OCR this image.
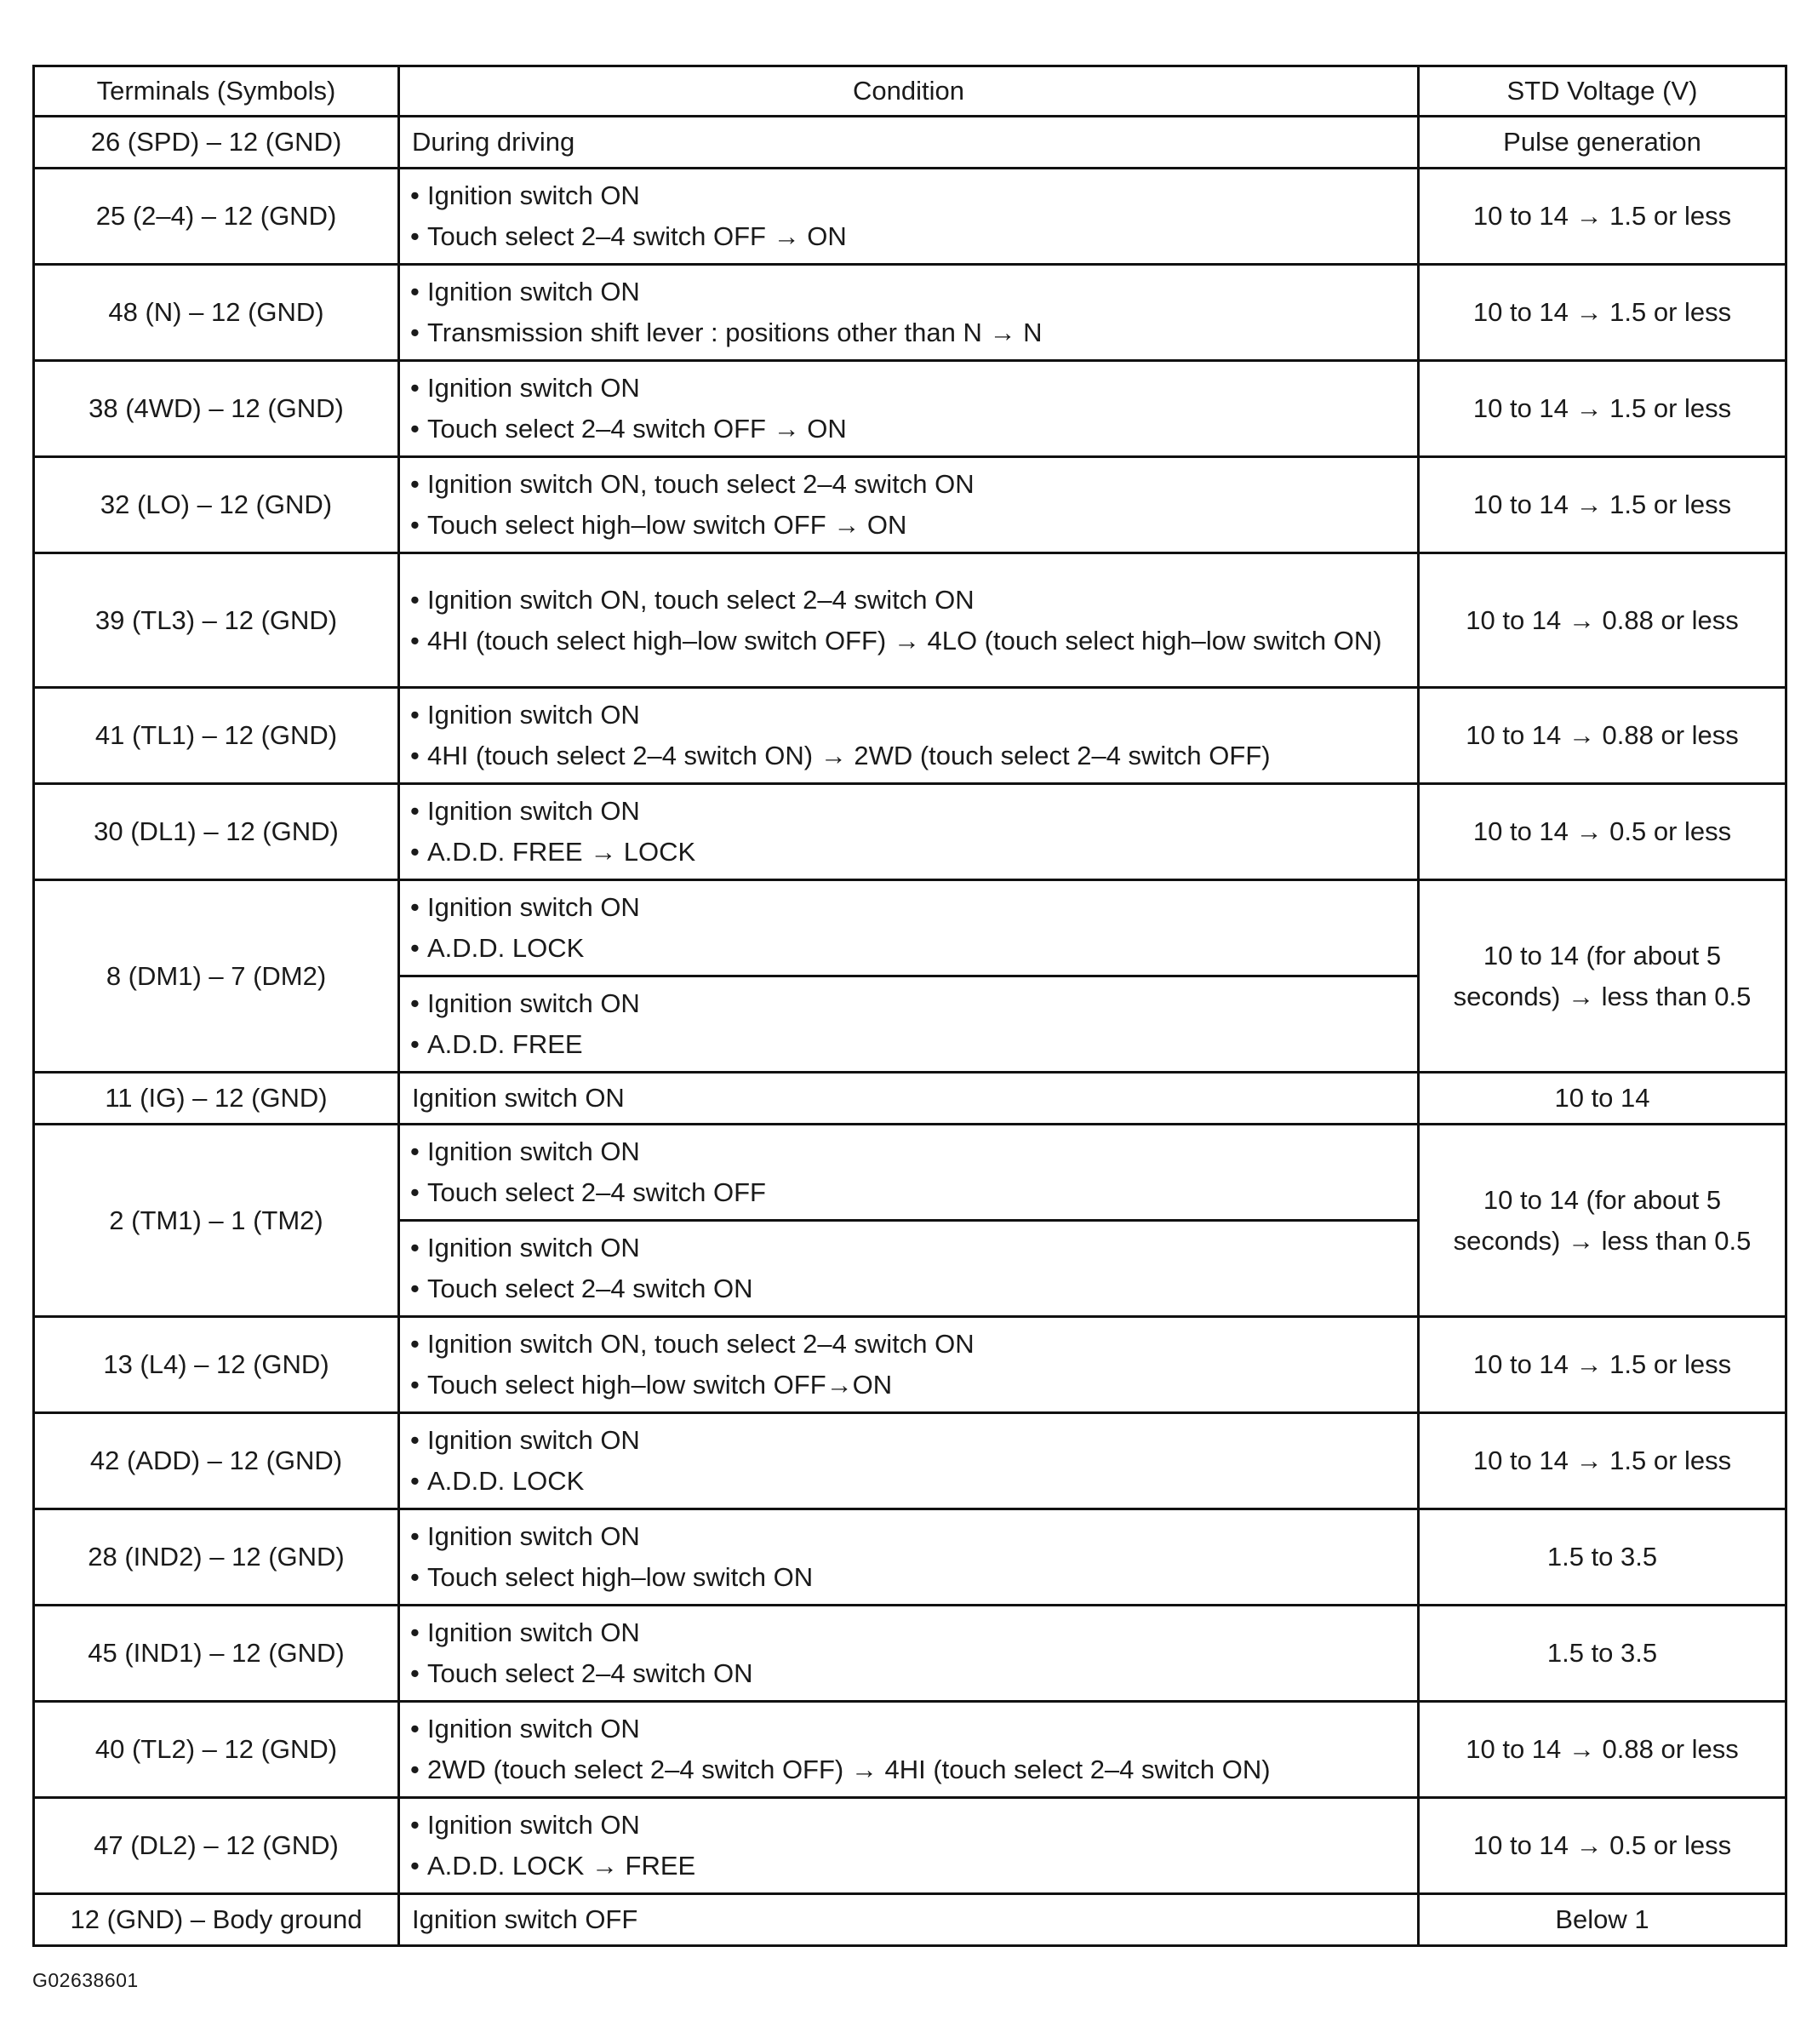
Terminals (Symbols)	Condition	STD Voltage (V)
26 (SPD) – 12 (GND)	During driving	Pulse generation

25 (2–4) – 12 (GND)	• Ignition switch ON
• Touch select 2–4 switch OFF → ON	10 to 14 → 1.5 or less

48 (N) – 12 (GND)	• Ignition switch ON
• Transmission shift lever : positions other than N → N	10 to 14 → 1.5 or less

38 (4WD) – 12 (GND)	• Ignition switch ON
• Touch select 2–4 switch OFF → ON	10 to 14 → 1.5 or less

32 (LO) – 12 (GND)	• Ignition switch ON, touch select 2–4 switch ON
• Touch select high–low switch OFF → ON	10 to 14 → 1.5 or less

39 (TL3) – 12 (GND)	• Ignition switch ON, touch select 2–4 switch ON
• 4HI (touch select high–low switch OFF) → 4LO (touch select high–low switch ON)	10 to 14 → 0.88 or less

41 (TL1) – 12 (GND)	• Ignition switch ON
• 4HI (touch select 2–4 switch ON) → 2WD (touch select 2–4 switch OFF)	10 to 14 → 0.88 or less

30 (DL1) – 12 (GND)	• Ignition switch ON
• A.D.D. FREE → LOCK	10 to 14 → 0.5 or less

8 (DM1) – 7 (DM2)	• Ignition switch ON
• A.D.D. LOCK	10 to 14 (for about 5
seconds) → less than 0.5

	• Ignition switch ON
• A.D.D. FREE

11 (IG) – 12 (GND)	Ignition switch ON	10 to 14

2 (TM1) – 1 (TM2)	• Ignition switch ON
• Touch select 2–4 switch OFF	10 to 14 (for about 5
seconds) → less than 0.5

	• Ignition switch ON
• Touch select 2–4 switch ON

13 (L4) – 12 (GND)	• Ignition switch ON, touch select 2–4 switch ON
• Touch select high–low switch OFF→ON	10 to 14 → 1.5 or less

42 (ADD) – 12 (GND)	• Ignition switch ON
• A.D.D. LOCK	10 to 14 → 1.5 or less

28 (IND2) – 12 (GND)	• Ignition switch ON
• Touch select high–low switch ON	1.5 to 3.5

45 (IND1) – 12 (GND)	• Ignition switch ON
• Touch select 2–4 switch ON	1.5 to 3.5

40 (TL2) – 12 (GND)	• Ignition switch ON
• 2WD (touch select 2–4 switch OFF) → 4HI (touch select 2–4 switch ON)	10 to 14 → 0.88 or less

47 (DL2) – 12 (GND)	• Ignition switch ON
• A.D.D. LOCK → FREE	10 to 14 → 0.5 or less

12 (GND) – Body ground	Ignition switch OFF	Below 1
G02638601
